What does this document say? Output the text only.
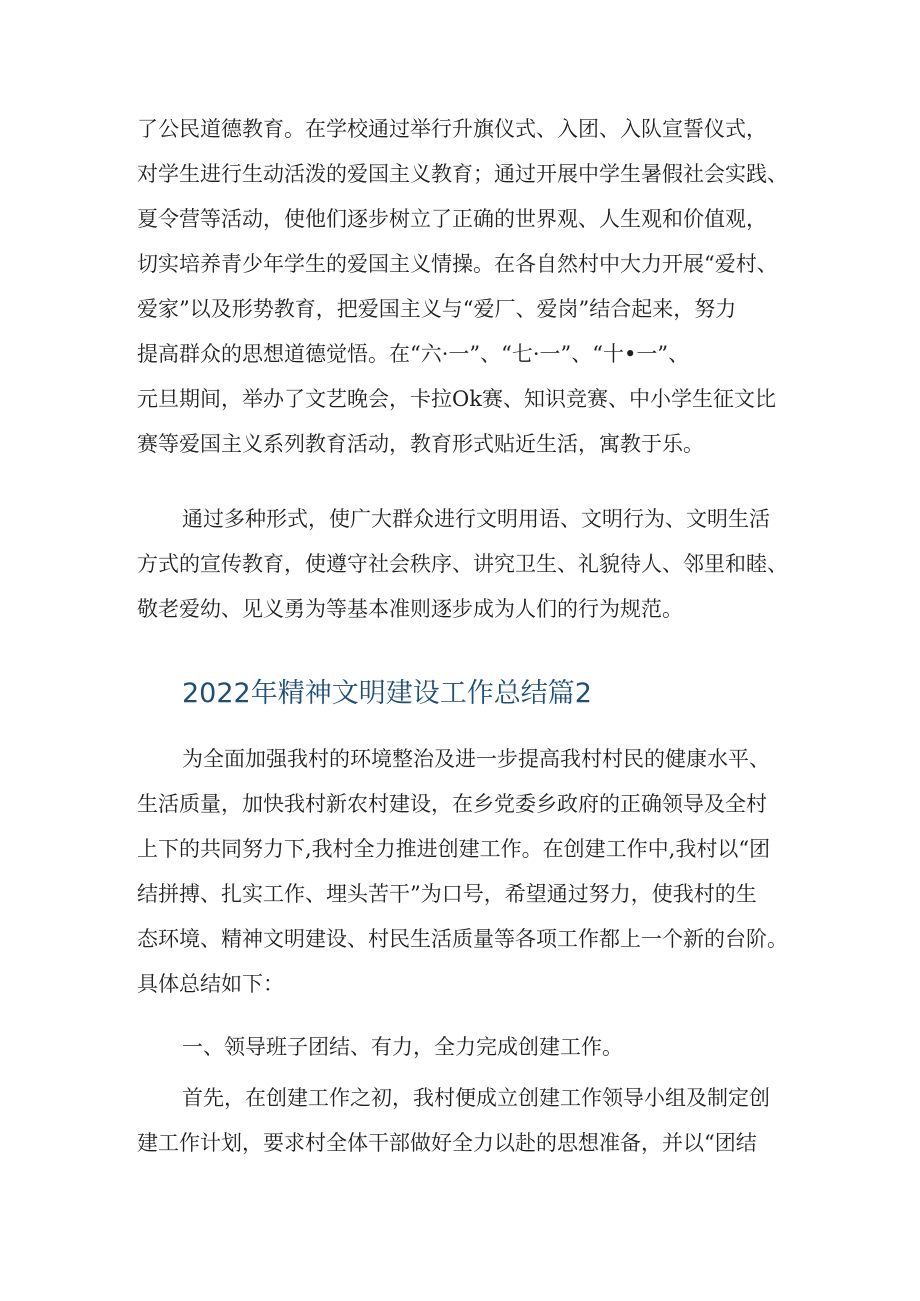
了公民道德教育。在学校通过举行升旗仪式、入团、入队宣誓仪式，
对学生进行生动活泼的爱国主义教育；通过开展中学生暑假社会实践、
夏令营等活动，使他们逐步树立了正确的世界观、人生观和价值观，
切实培养青少年学生的爱国主义情操。在各自然村中大力开展“爱村、
爱家”以及形势教育，把爱国主义与“爱厂、爱岗”结合起来，努力
提高群众的思想道德觉悟。在“六·一”、“七·一”、“十•一”、
元旦期间，举办了文艺晚会，卡拉Ok赛、知识竞赛、中小学生征文比
赛等爱国主义系列教育活动，教育形式贴近生活，寓教于乐。
通过多种形式，使广大群众进行文明用语、文明行为、文明生活
方式的宣传教育，使遵守社会秩序、讲究卫生、礼貌待人、邻里和睦、
敬老爱幼、见义勇为等基本准则逐步成为人们的行为规范。
2022年精神文明建设工作总结篇2
为全面加强我村的环境整治及进一步提高我村村民的健康水平、
生活质量，加快我村新农村建设，在乡党委乡政府的正确领导及全村
上下的共同努力下,我村全力推进创建工作。在创建工作中,我村以“团
结拼搏、扎实工作、埋头苦干”为口号，希望通过努力，使我村的生
态环境、精神文明建设、村民生活质量等各项工作都上一个新的台阶。
具体总结如下：
一、领导班子团结、有力，全力完成创建工作。
首先，在创建工作之初，我村便成立创建工作领导小组及制定创
建工作计划，要求村全体干部做好全力以赴的思想准备，并以“团结
